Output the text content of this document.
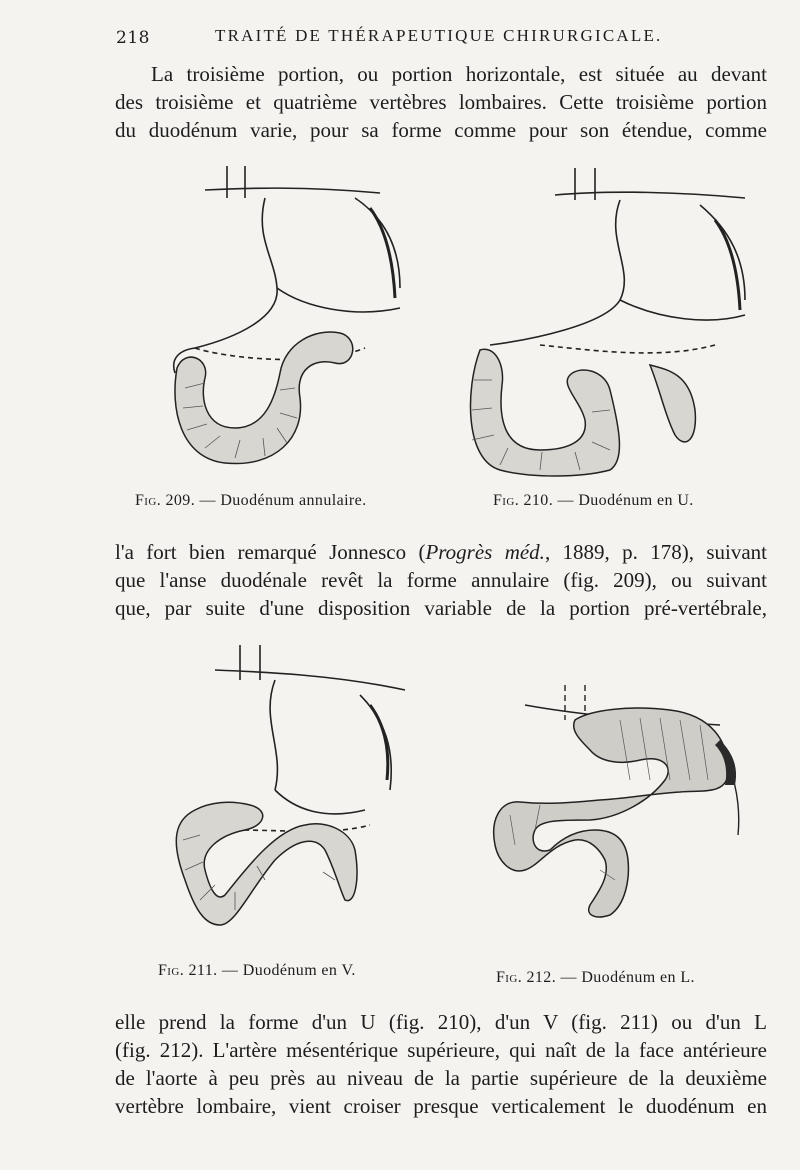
218	TRAITÉ DE THÉRAPEUTIQUE CHIRURGICALE.
La troisième portion, ou portion horizontale, est située au devant
des troisième et quatrième vertèbres lombaires. Cette troisième portion
du duodénum varie, pour sa forme comme pour son étendue, comme
Fig. 209. — Duodénum annulaire.	Fig. 210. — Duodénum en U.
l'a fort bien remarqué Jonnesco (Progrès méd., 1889, p. 178), suivant
que l'anse duodénale revêt la forme annulaire (fig. 209), ou suivant
que, par suite d'une disposition variable de la portion pré-vertébrale,
Fig. 211. — Duodénum en V.	Fig. 212. — Duodénum en L.
elle prend la forme d'un U (fig. 210), d'un V (fig. 211) ou d'un L
(fig. 212). L'artère mésentérique supérieure, qui naît de la face antérieure
de l'aorte à peu près au niveau de la partie supérieure de la deuxième
vertèbre lombaire, vient croiser presque verticalement le duodénum en
